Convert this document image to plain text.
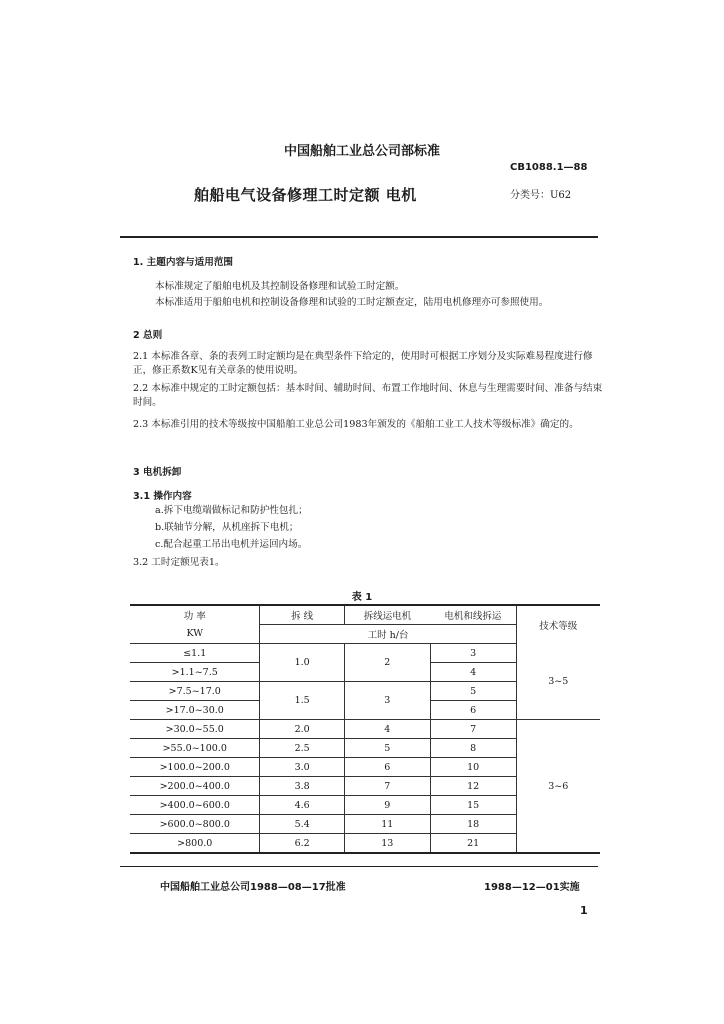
中国船舶工业总公司部标准
CB1088.1—88
舶船电气设备修理工时定额 电机	分类号：U62
1. 主题内容与适用范围
本标准规定了船舶电机及其控制设备修理和试验工时定额。
本标准适用于船舶电机和控制设备修理和试验的工时定额查定，陆用电机修理亦可参照使用。
2 总则
2.1 本标准各章、条的表列工时定额均是在典型条件下给定的，使用时可根据工序划分及实际难易程度进行修正，修正系数K见有关章条的使用说明。
2.2 本标准中规定的工时定额包括：基本时间、辅助时间、布置工作地时间、休息与生理需要时间、准备与结束时间。
2.3 本标准引用的技术等级按中国船舶工业总公司1983年颁发的《船舶工业工人技术等级标准》确定的。
3 电机拆卸
3.1 操作内容
a.拆下电缆端做标记和防护性包扎；
b.联轴节分解，从机座拆下电机；
c.配合起重工吊出电机并运回内场。
3.2 工时定额见表1。
表 1
功 率	拆 线	拆线运电机	电机和线拆运	技术等级
KW	工时 h/台			
≤1.1	1.0	2	3	3~5
>1.1~7.5			4	
>7.5~17.0	1.5	3	5	
>17.0~30.0			6	
>30.0~55.0	2.0	4	7	3~6
>55.0~100.0	2.5	5	8	
>100.0~200.0	3.0	6	10	
>200.0~400.0	3.8	7	12	
>400.0~600.0	4.6	9	15	
>600.0~800.0	5.4	11	18	
>800.0	6.2	13	21	
中国船舶工业总公司1988—08—17批准	1988—12—01实施
1
